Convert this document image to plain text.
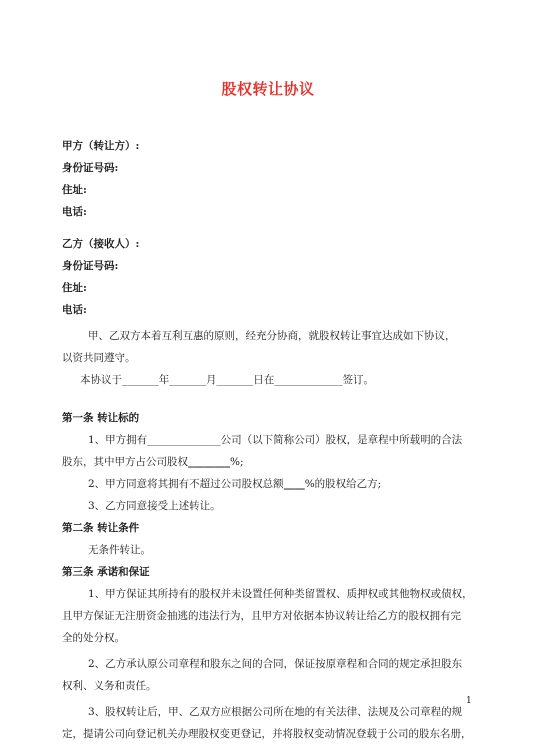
股权转让协议
甲方（转让方）:
身份证号码:
住址:
电话:
乙方（接收人）:
身份证号码:
住址:
电话:
甲、乙双方本着互利互惠的原则，经充分协商，就股权转让事宜达成如下协议，
以资共同遵守。
本协议于_______年_______月_______日在_____________签订。
第一条 转让标的
1、甲方拥有______________公司（以下简称公司）股权，是章程中所载明的合法
股东，其中甲方占公司股权________%;
2、甲方同意将其拥有不超过公司股权总额____%的股权给乙方;
3、乙方同意接受上述转让。
第二条 转让条件
无条件转让。
第三条 承诺和保证
1、甲方保证其所持有的股权并未设置任何种类留置权、质押权或其他物权或债权，
且甲方保证无注册资金抽逃的违法行为，且甲方对依据本协议转让给乙方的股权拥有完
全的处分权。
2、乙方承认原公司章程和股东之间的合同，保证按原章程和合同的规定承担股东
权利、义务和责任。
3、股权转让后，甲、乙双方应根据公司所在地的有关法律、法规及公司章程的规
定，提请公司向登记机关办理股权变更登记，并将股权变动情况登载于公司的股东名册，
1
